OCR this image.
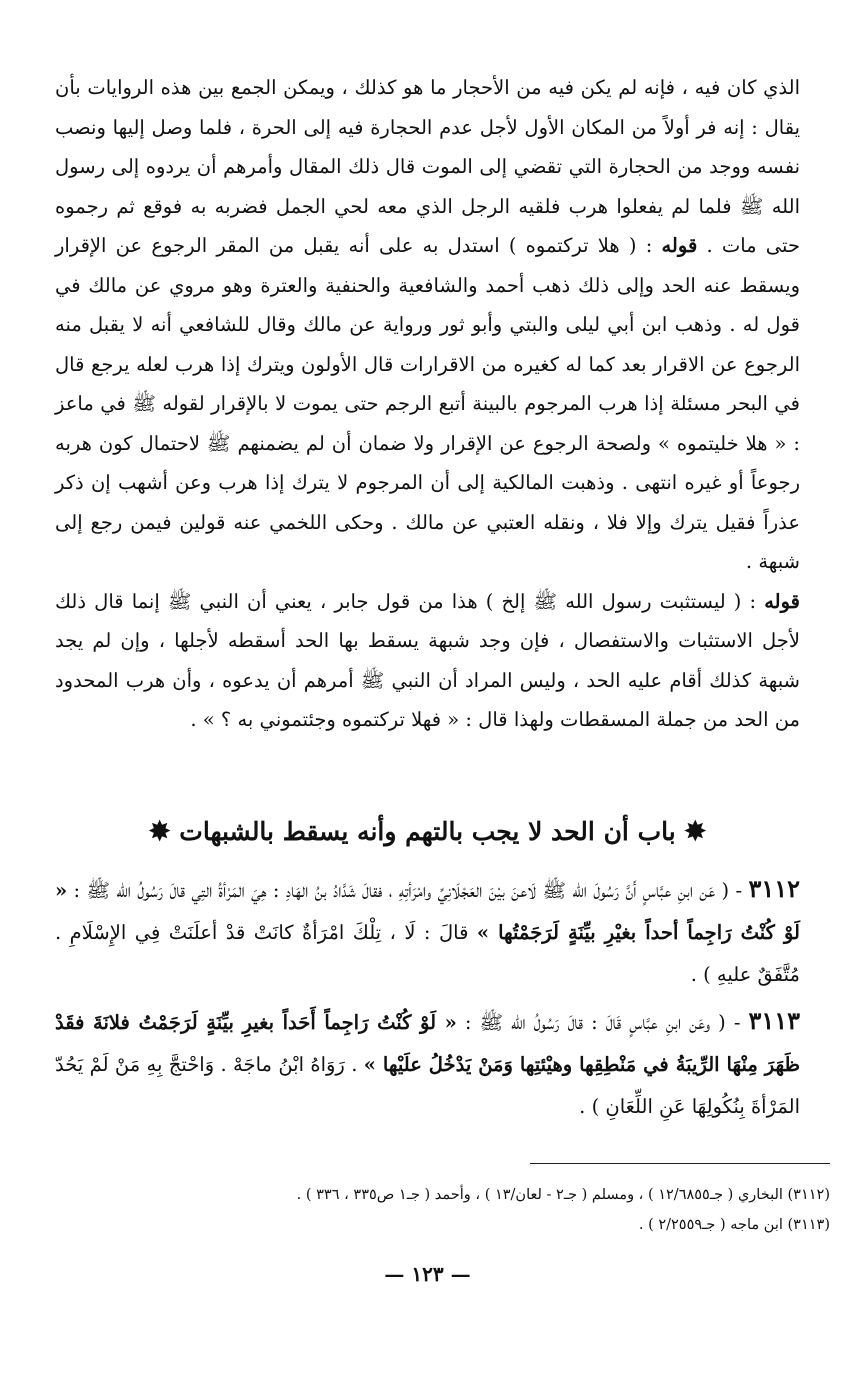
الذي كان فيه ، فإنه لم يكن فيه من الأحجار ما هو كذلك ، ويمكن الجمع بين هذه الروايات بأن يقال : إنه فر أولاً من المكان الأول لأجل عدم الحجارة فيه إلى الحرة ، فلما وصل إليها ونصب نفسه ووجد من الحجارة التي تقضي إلى الموت قال ذلك المقال وأمرهم أن يردوه إلى رسول الله ﷺ فلما لم يفعلوا هرب فلقيه الرجل الذي معه لحي الجمل فضربه به فوقع ثم رجموه حتى مات . قوله : ( هلا تركتموه ) استدل به على أنه يقبل من المقر الرجوع عن الإقرار ويسقط عنه الحد وإلى ذلك ذهب أحمد والشافعية والحنفية والعترة وهو مروي عن مالك في قول له . وذهب ابن أبي ليلى والبتي وأبو ثور ورواية عن مالك وقال للشافعي أنه لا يقبل منه الرجوع عن الاقرار بعد كما له كغيره من الاقرارات قال الأولون ويترك إذا هرب لعله يرجع قال في البحر مسئلة إذا هرب المرجوم بالبينة أتبع الرجم حتى يموت لا بالإقرار لقوله ﷺ في ماعز : « هلا خليتموه » ولصحة الرجوع عن الإقرار ولا ضمان أن لم يضمنهم ﷺ لاحتمال كون هربه رجوعاً أو غيره انتهى . وذهبت المالكية إلى أن المرجوم لا يترك إذا هرب وعن أشهب إن ذكر عذراً فقيل يترك وإلا فلا ، ونقله العتبي عن مالك . وحكى اللخمي عنه قولين فيمن رجع إلى شبهة .

قوله : ( ليستثبت رسول الله ﷺ إلخ ) هذا من قول جابر ، يعني أن النبي ﷺ إنما قال ذلك لأجل الاستثبات والاستفصال ، فإن وجد شبهة يسقط بها الحد أسقطه لأجلها ، وإن لم يجد شبهة كذلك أقام عليه الحد ، وليس المراد أن النبي ﷺ أمرهم أن يدعوه ، وأن هرب المحدود من الحد من جملة المسقطات ولهذا قال : « فهلا تركتموه وجئتموني به ؟ » .

✸ باب أن الحد لا يجب بالتهم وأنه يسقط بالشبهات ✸

٣١١٢ - ( عَن ابنِ عبَّاسٍ أَنَّ رَسُولَ الله ﷺ لَاعنَ بيْنَ العَجْلَانِيِّ وامْرَأتِهِ ، فقالَ شَدَّادُ بنُ الهَادِ : هِيَ المَرْأةُ التِي قالَ رَسُولُ الله ﷺ : « لَوْ كُنْتُ رَاجِماً أحداً بغيْرِ بيِّنَةٍ لَرَجَمْتُها » قالَ : لَا ، تِلْكَ امْرَأةٌ كانَتْ قدْ أعلَنَتْ فِي الإِسْلَامِ . مُتَّفَقٌ عليهِ ) .

٣١١٣ - ( وعَن ابنِ عبَّاسٍ قَالَ : قالَ رَسُولُ الله ﷺ : « لَوْ كُنْتُ رَاجِماً أَحَداً بغيرِ بيِّنَةٍ لَرَجَمْتُ فلانَةَ فقَدْ ظَهَرَ مِنْهَا الرِّيبَةُ في مَنْطِقِها وهيْئتِها وَمَنْ يَدْخُلُ علَيْها » . رَوَاهُ ابْنُ ماجَهْ . وَاحْتجَّ بِهِ مَنْ لَمْ يَحُدّ المَرْأةَ بِنُكُولِهَا عَنِ اللِّعَانِ ) .

(٣١١٢) البخاري ( جـ١٢/٦٨٥٥ ) ، ومسلم ( جـ٢ - لعان/١٣ ) ، وأحمد ( جـ١ ص٣٣٥ ، ٣٣٦ ) .

(٣١١٣) ابن ماجه ( جـ٢/٢٥٥٩ ) .

— ١٢٣ —
